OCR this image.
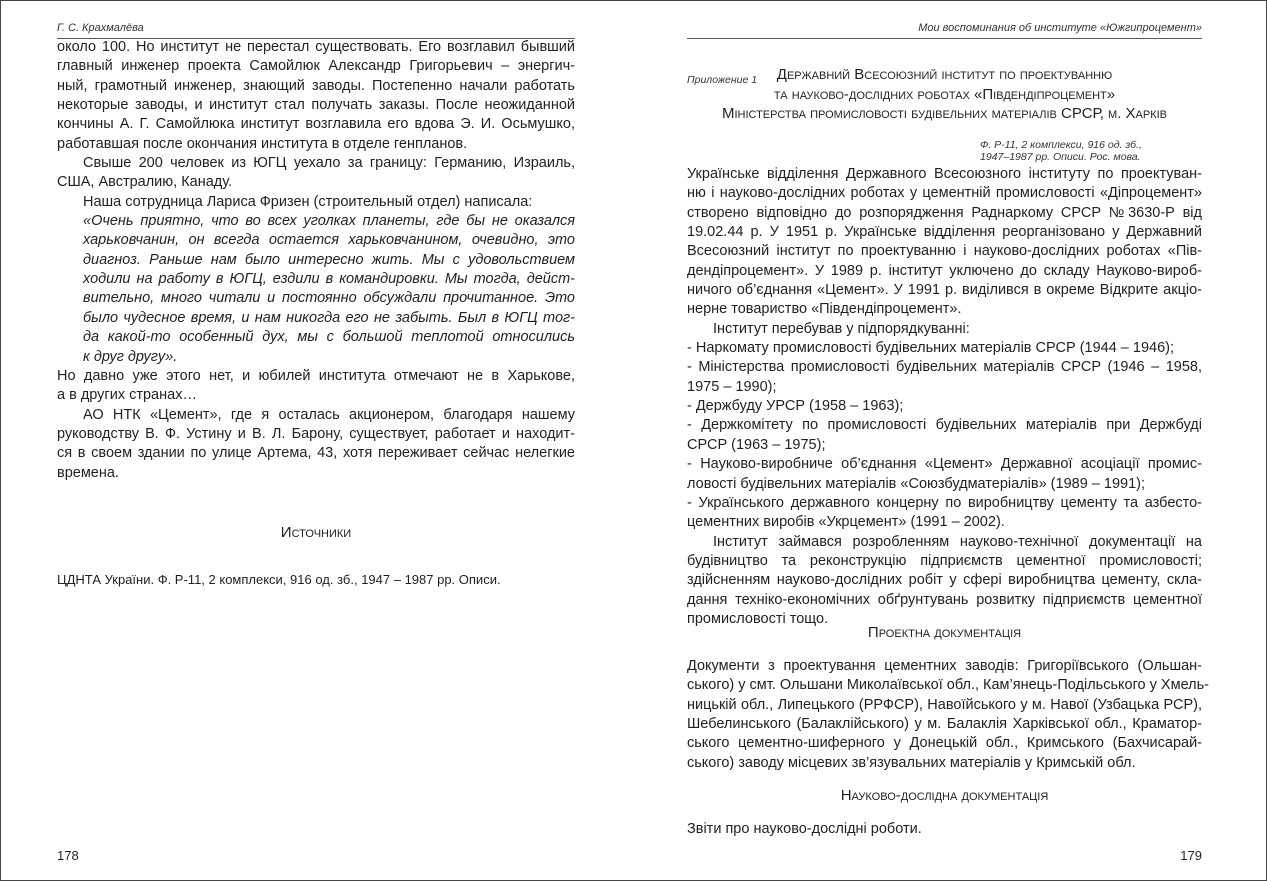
Г. С. Крахмалёва
около 100. Но институт не перестал существовать. Его возглавил бывший
главный инженер проекта Самойлюк Александр Григорьевич – энергич-
ный, грамотный инженер, знающий заводы. Постепенно начали работать
некоторые заводы, и институт стал получать заказы. После неожиданной
кончины А. Г. Самойлюка институт возглавила его вдова Э. И. Осьмушко,
работавшая после окончания института в отделе генпланов.
Свыше 200 человек из ЮГЦ уехало за границу: Германию, Израиль,
США, Австралию, Канаду.
Наша сотрудница Лариса Фризен (строительный отдел) написала:
«Очень приятно, что во всех уголках планеты, где бы не оказался
харьковчанин, он всегда остается харьковчанином, очевидно, это
диагноз. Раньше нам было интересно жить. Мы с удовольствием
ходили на работу в ЮГЦ, ездили в командировки. Мы тогда, дейст-
вительно, много читали и постоянно обсуждали прочитанное. Это
было чудесное время, и нам никогда его не забыть. Был в ЮГЦ тог-
да какой-то особенный дух, мы с большой теплотой относились
к друг другу».
Но давно уже этого нет, и юбилей института отмечают не в Харькове,
а в других странах…
АО НТК «Цемент», где я осталась акционером, благодаря нашему
руководству В. Ф. Устину и В. Л. Барону, существует, работает и находит-
ся в своем здании по улице Артема, 43, хотя переживает сейчас нелегкие
времена.
Источники
ЦДНТА України. Ф. Р-11, 2 комплекси, 916 од. зб., 1947 – 1987 рр. Описи.
178
Мои воспоминания об институте «Южгипроцемент»
Приложение 1	Державний Всесоюзний інститут по проектуванню
та науково-дослідних роботах «Південдіпроцемент»
Міністерства промисловості будівельних матеріалів СРСР, м. Харків
Ф. Р-11, 2 комплекси, 916 од. зб.,
1947–1987 рр. Описи. Рос. мова.
Українське відділення Державного Всесоюзного інституту по проектуван-
ню і науково-дослідних роботах у цементній промисловості «Діпроцемент»
створено відповідно до розпорядження Раднаркому СРСР №3630-Р від
19.02.44 р. У 1951 р. Українське відділення реорганізовано у Державний
Всесоюзний інститут по проектуванню і науково-дослідних роботах «Пів-
дендіпроцемент». У 1989 р. інститут уключено до складу Науково-вироб-
ничого об’єднання «Цемент». У 1991 р. виділився в окреме Відкрите акціо-
нерне товариство «Південдіпроцемент».
Інститут перебував у підпорядкуванні:
- Наркомату промисловості будівельних матеріалів СРСР (1944 – 1946);
- Міністерства промисловості будівельних матеріалів СРСР (1946 – 1958,
1975 – 1990);
- Держбуду УРСР (1958 – 1963);
- Держкомітету по промисловості будівельних матеріалів при Держбуді
СРСР (1963 – 1975);
- Науково-виробниче об’єднання «Цемент» Державної асоціації промис-
ловості будівельних матеріалів «Союзбудматеріалів» (1989 – 1991);
- Українського державного концерну по виробництву цементу та азбесто-
цементних виробів «Укрцемент» (1991 – 2002).
Інститут займався розробленням науково-технічної документації на
будівництво та реконструкцію підприємств цементної промисловості;
здійсненням науково-дослідних робіт у сфері виробництва цементу, скла-
дання техніко-економічних обґрунтувань розвитку підприємств цементної
промисловості тощо.
Проектна документація
Документи з проектування цементних заводів: Григоріївського (Ольшан-
ського) у смт. Ольшани Миколаївської обл., Кам’янець-Подільського у Хмель-
ницькій обл., Липецького (РРФСР), Навоїйського у м. Навої (Узбацька РСР),
Шебелинського (Балаклійського) у м. Балаклія Харківської обл., Краматор-
ського цементно-шиферного у Донецькій обл., Кримського (Бахчисарай-
ського) заводу місцевих зв’язувальних матеріалів у Кримській обл.
Науково-дослідна документація
Звіти про науково-дослідні роботи.
179
